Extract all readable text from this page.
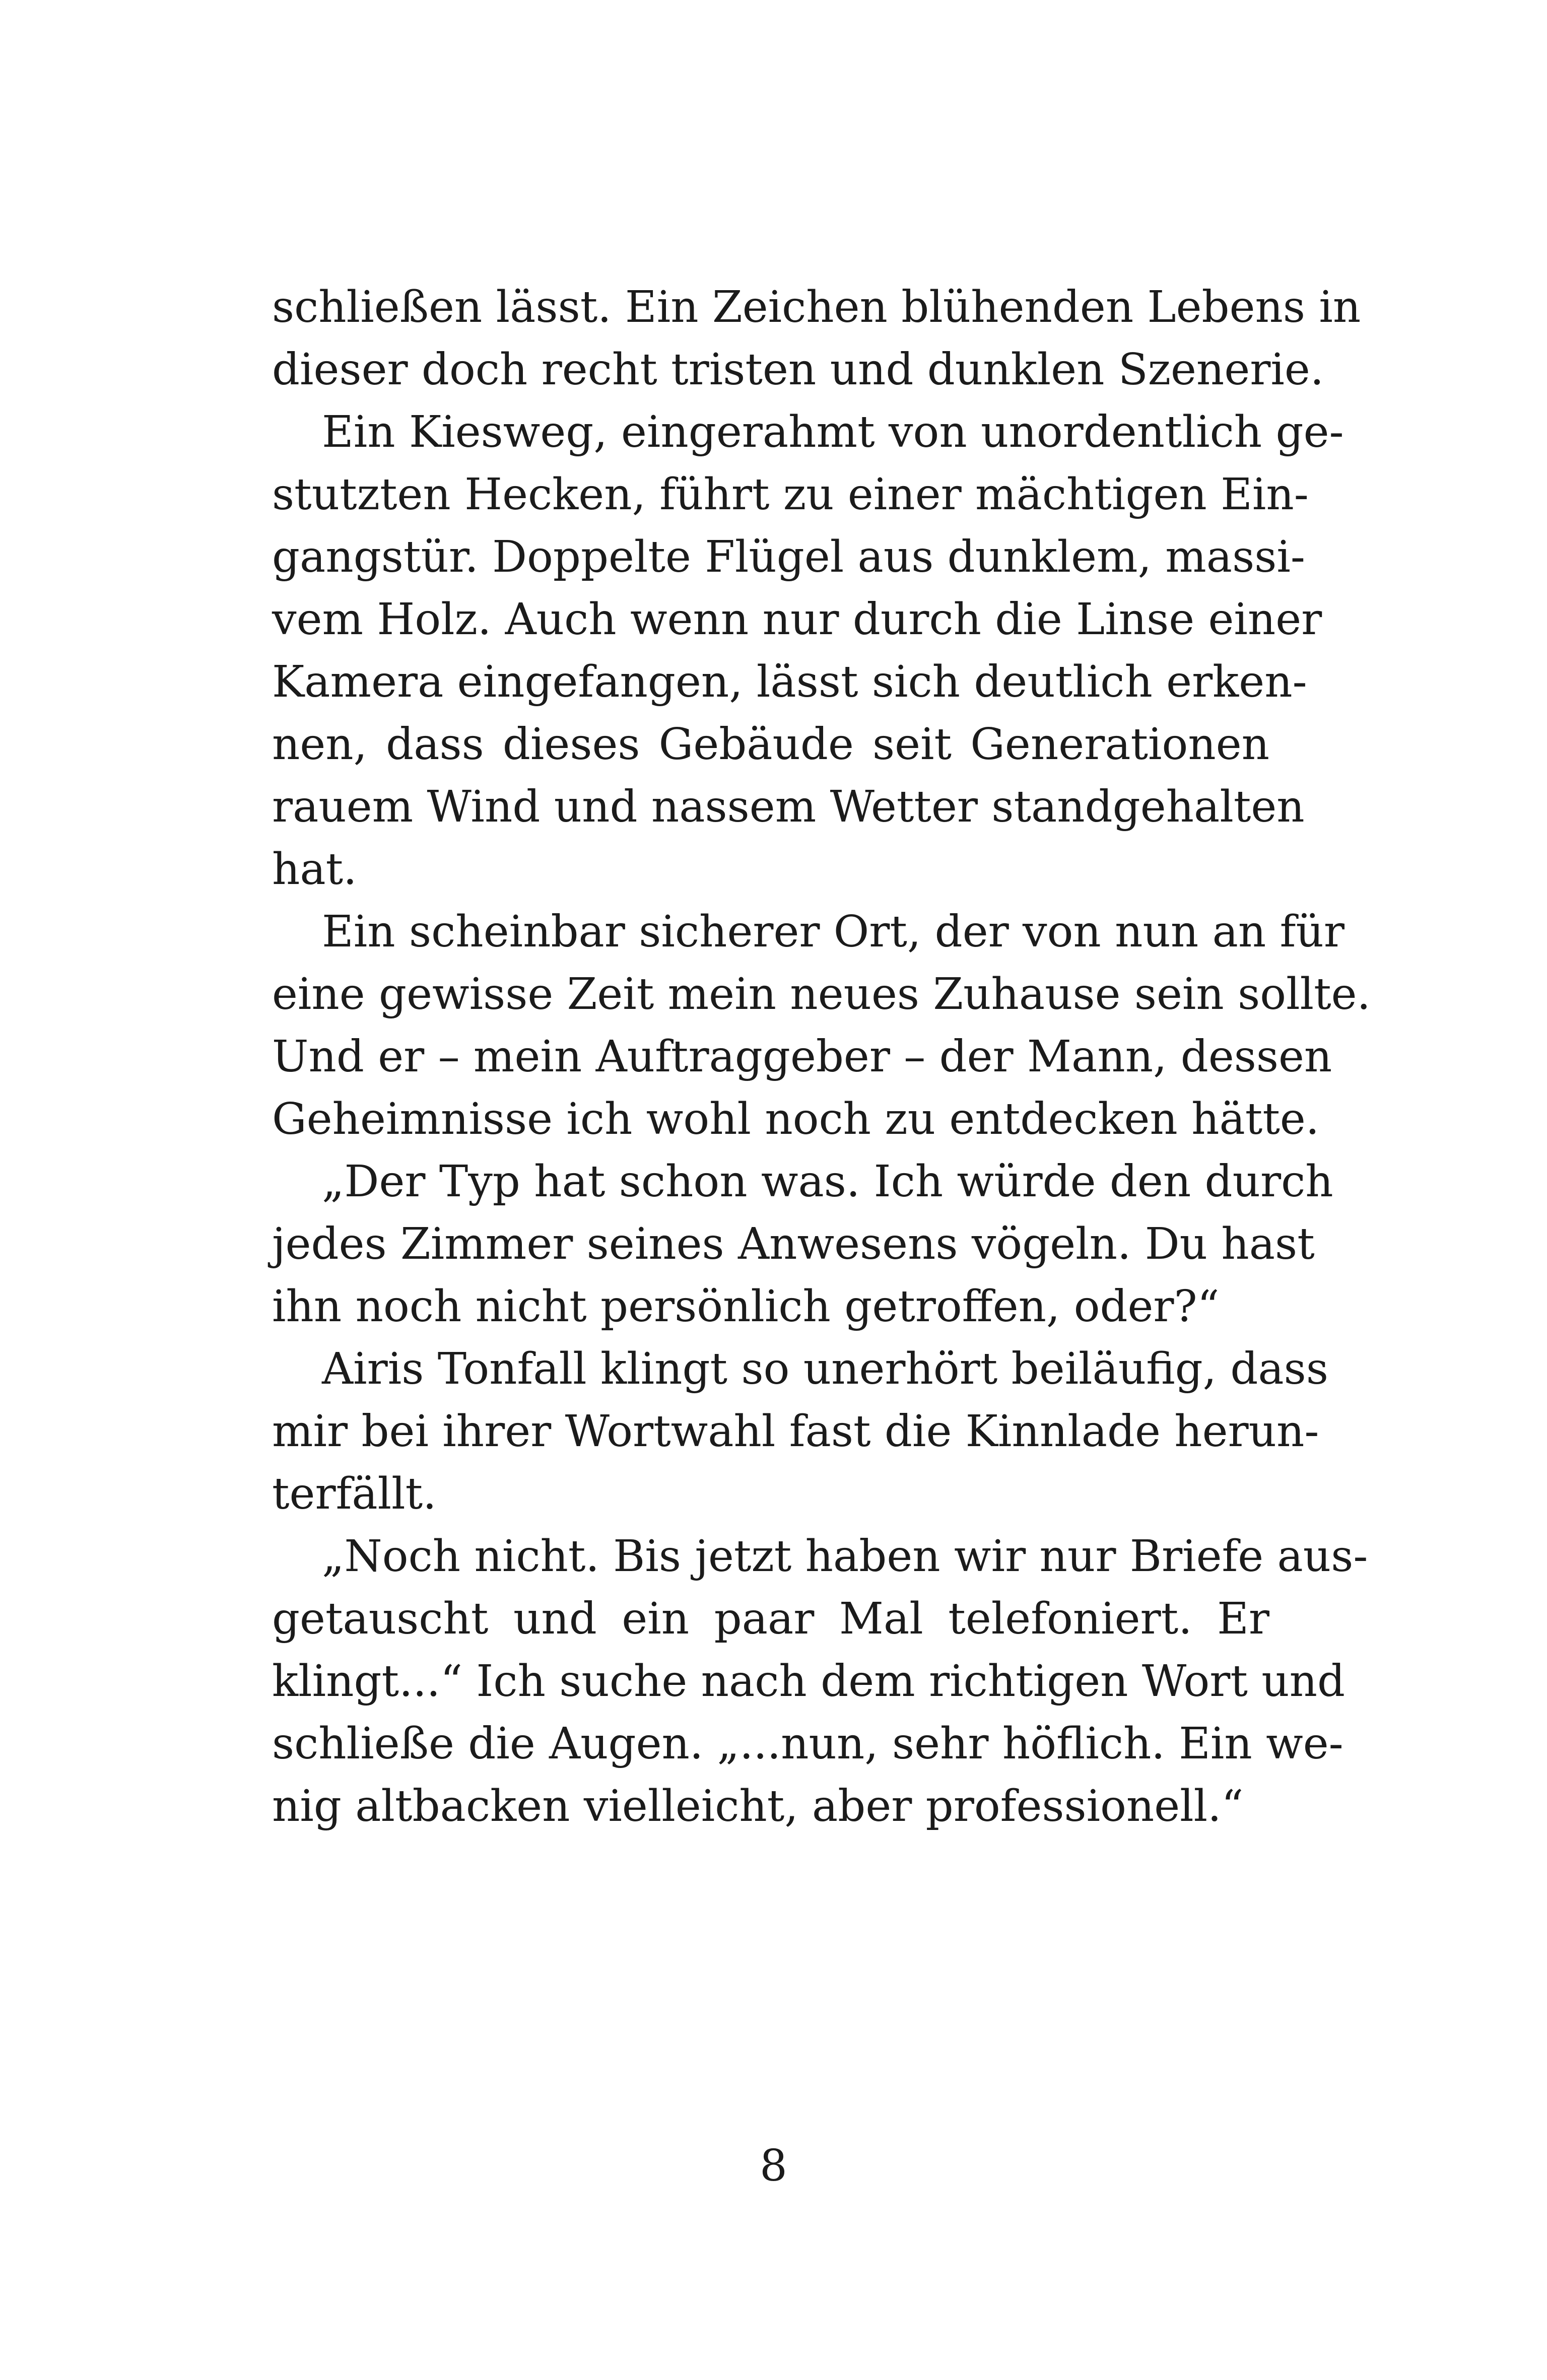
schließen lässt. Ein Zeichen blühenden Lebens in
dieser doch recht tristen und dunklen Szenerie.
Ein Kiesweg, eingerahmt von unordentlich ge-
stutzten Hecken, führt zu einer mächtigen Ein-
gangstür. Doppelte Flügel aus dunklem, massi-
vem Holz. Auch wenn nur durch die Linse einer
Kamera eingefangen, lässt sich deutlich erken-
nen, dass dieses Gebäude seit Generationen
rauem Wind und nassem Wetter standgehalten
hat.
Ein scheinbar sicherer Ort, der von nun an für
eine gewisse Zeit mein neues Zuhause sein sollte.
Und er – mein Auftraggeber – der Mann, dessen
Geheimnisse ich wohl noch zu entdecken hätte.
„Der Typ hat schon was. Ich würde den durch
jedes Zimmer seines Anwesens vögeln. Du hast
ihn noch nicht persönlich getroffen, oder?“
Airis Tonfall klingt so unerhört beiläufig, dass
mir bei ihrer Wortwahl fast die Kinnlade herun-
terfällt.
„Noch nicht. Bis jetzt haben wir nur Briefe aus-
getauscht und ein paar Mal telefoniert. Er
klingt...“ Ich suche nach dem richtigen Wort und
schließe die Augen. „...nun, sehr höflich. Ein we-
nig altbacken vielleicht, aber professionell.“
8
